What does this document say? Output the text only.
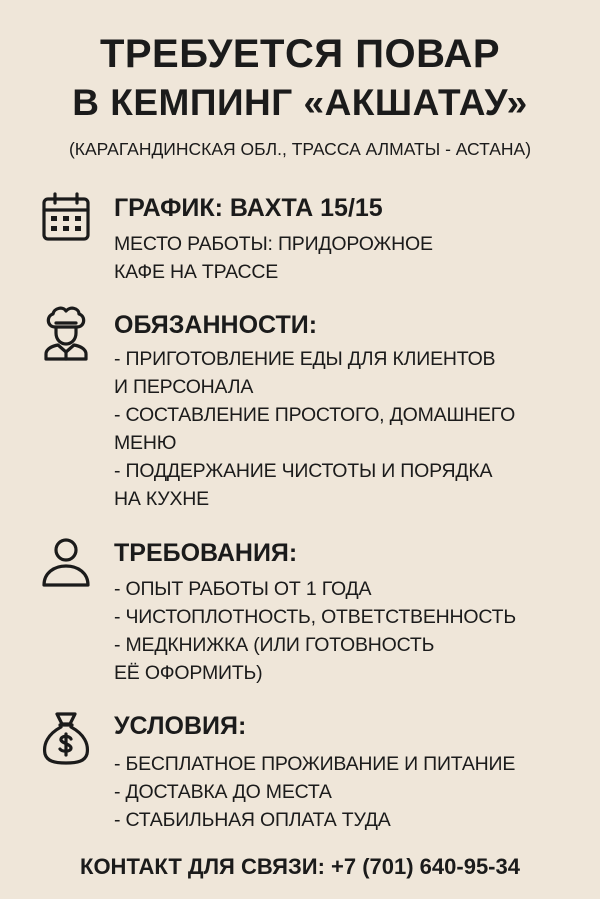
ТРЕБУЕТСЯ ПОВАР
В КЕМПИНГ «АКШАТАУ»
(КАРАГАНДИНСКАЯ ОБЛ., ТРАССА АЛМАТЫ - АСТАНА)
ГРАФИК: ВАХТА 15/15
МЕСТО РАБОТЫ: ПРИДОРОЖНОЕ
КАФЕ НА ТРАССЕ
ОБЯЗАННОСТИ:
- ПРИГОТОВЛЕНИЕ ЕДЫ ДЛЯ КЛИЕНТОВ
И ПЕРСОНАЛА
- СОСТАВЛЕНИЕ ПРОСТОГО, ДОМАШНЕГО
МЕНЮ
- ПОДДЕРЖАНИЕ ЧИСТОТЫ И ПОРЯДКА
НА КУХНЕ
ТРЕБОВАНИЯ:
- ОПЫТ РАБОТЫ ОТ 1 ГОДА
- ЧИСТОПЛОТНОСТЬ, ОТВЕТСТВЕННОСТЬ
- МЕДКНИЖКА (ИЛИ ГОТОВНОСТЬ
ЕЁ ОФОРМИТЬ)
УСЛОВИЯ:
- БЕСПЛАТНОЕ ПРОЖИВАНИЕ И ПИТАНИЕ
- ДОСТАВКА ДО МЕСТА
- СТАБИЛЬНАЯ ОПЛАТА ТУДА
КОНТАКТ ДЛЯ СВЯЗИ: +7 (701) 640-95-34
